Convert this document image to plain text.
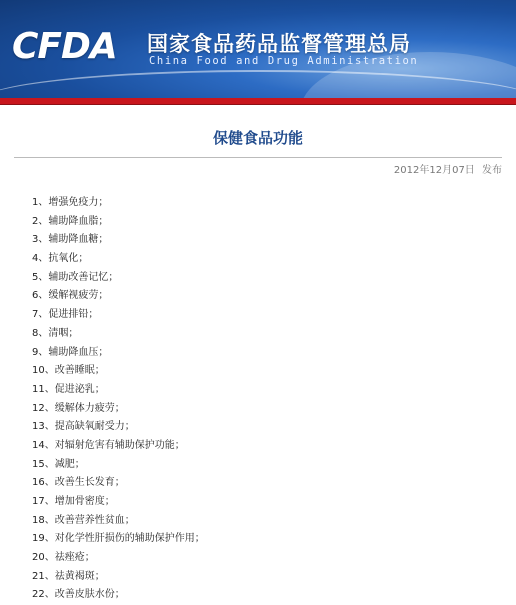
CFDA 国家食品药品监督管理总局
China Food and Drug Administration
保健食品功能
2012年12月07日 发布
1、增强免疫力；
2、辅助降血脂；
3、辅助降血糖；
4、抗氧化；
5、辅助改善记忆；
6、缓解视疲劳；
7、促进排铅；
8、清咽；
9、辅助降血压；
10、改善睡眠；
11、促进泌乳；
12、缓解体力疲劳；
13、提高缺氧耐受力；
14、对辐射危害有辅助保护功能；
15、减肥；
16、改善生长发育；
17、增加骨密度；
18、改善营养性贫血；
19、对化学性肝损伤的辅助保护作用；
20、祛痤疮；
21、祛黄褐斑；
22、改善皮肤水份；
